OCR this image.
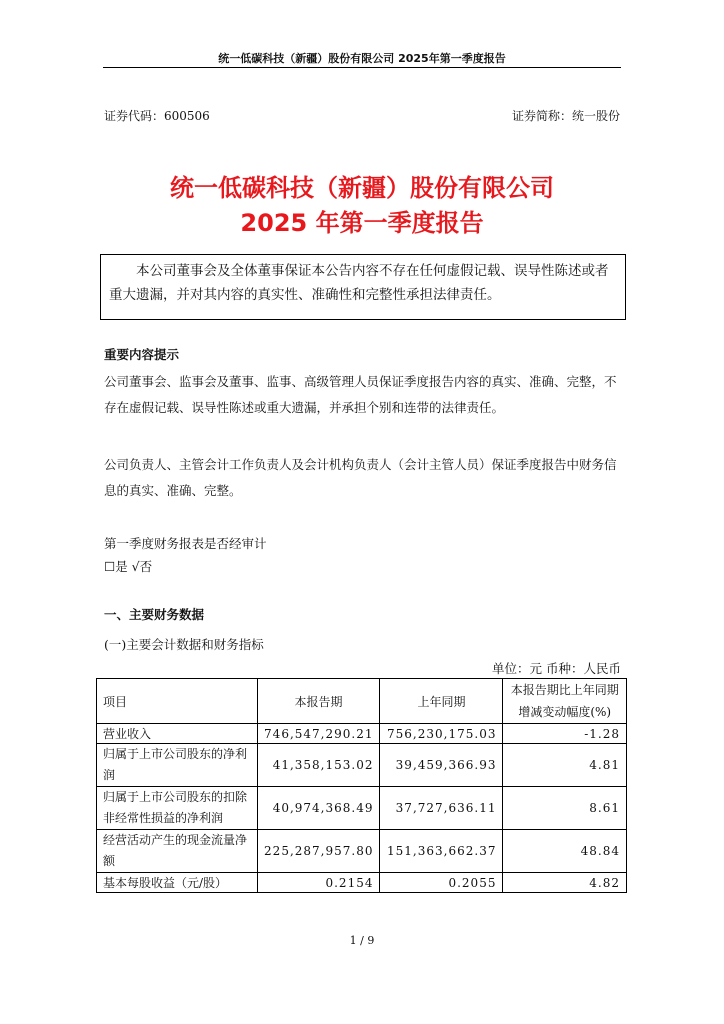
统一低碳科技（新疆）股份有限公司 2025年第一季度报告
证券代码：600506	证券简称：统一股份
统一低碳科技（新疆）股份有限公司
2025 年第一季度报告

本公司董事会及全体董事保证本公告内容不存在任何虚假记载、误导性陈述或者重大遗漏，并对其内容的真实性、准确性和完整性承担法律责任。

重要内容提示

公司董事会、监事会及董事、监事、高级管理人员保证季度报告内容的真实、准确、完整，不存在虚假记载、误导性陈述或重大遗漏，并承担个别和连带的法律责任。

公司负责人、主管会计工作负责人及会计机构负责人（会计主管人员）保证季度报告中财务信息的真实、准确、完整。

第一季度财务报表是否经审计
☐是 √否
一、主要财务数据
(一)主要会计数据和财务指标
单位：元 币种：人民币
项目	本报告期	上年同期	本报告期比上年同期增减变动幅度(%)
营业收入	746,547,290.21	756,230,175.03	-1.28
归属于上市公司股东的净利润	41,358,153.02	39,459,366.93	4.81
归属于上市公司股东的扣除非经常性损益的净利润	40,974,368.49	37,727,636.11	8.61
经营活动产生的现金流量净额	225,287,957.80	151,363,662.37	48.84
基本每股收益（元/股）	0.2154	0.2055	4.82
1 / 9
